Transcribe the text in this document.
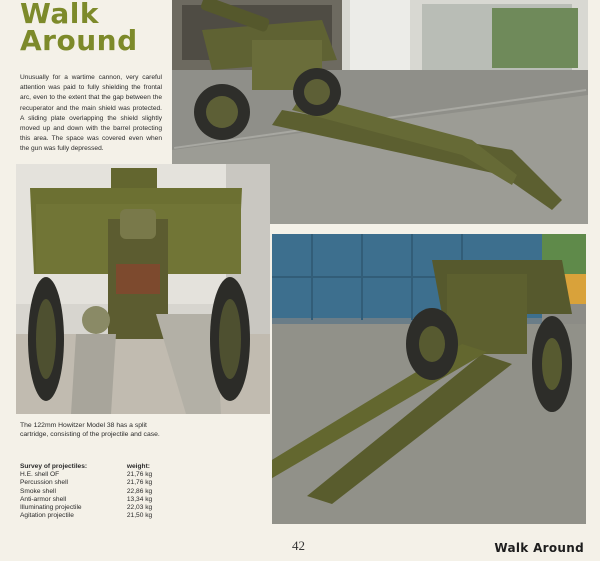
Walk
Around
Unusually for a wartime cannon, very careful attention was paid to fully shielding the frontal arc, even to the extent that the gap between the recuperator and the main shield was protected. A sliding plate overlapping the shield slightly moved up and down with the barrel protecting this area. The space was covered even when the gun was fully depressed.
The 122mm Howitzer Model 38 has a split cartridge, consisting of the projectile and case.
Survey of projectiles:	weight:
H.E. shell OF	21,76 kg
Percussion shell	21,76 kg
Smoke shell	22,86 kg
Anti-armor shell	13,34 kg
Illuminating projectile	22,03 kg
Agitation projectile	21,50 kg
42	Walk Around
